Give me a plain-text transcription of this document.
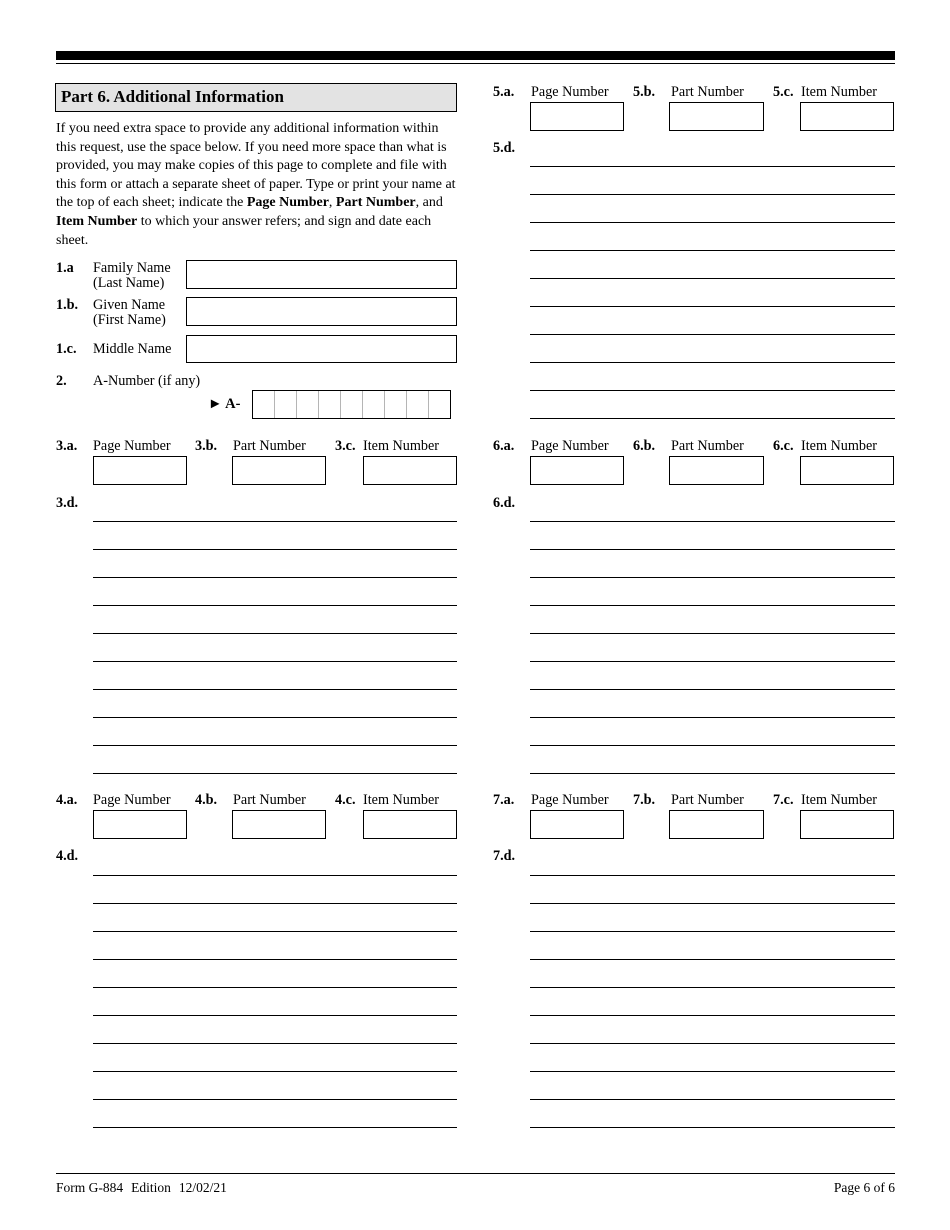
Part 6. Additional Information
If you need extra space to provide any additional information within this request, use the space below. If you need more space than what is provided, you may make copies of this page to complete and file with this form or attach a separate sheet of paper. Type or print your name at the top of each sheet; indicate the Page Number, Part Number, and Item Number to which your answer refers; and sign and date each sheet.
1.a Family Name
(Last Name)
1.b. Given Name
(First Name)
1.c. Middle Name
2. A-Number (if any)
► A-
3.a. Page Number 3.b. Part Number 3.c. Item Number
3.d.
4.a. Page Number 4.b. Part Number 4.c. Item Number
4.d.
5.a. Page Number 5.b. Part Number 5.c. Item Number
5.d.
6.a. Page Number 6.b. Part Number 6.c. Item Number
6.d.
7.a. Page Number 7.b. Part Number 7.c. Item Number
7.d.
Form G-884 Edition 12/02/21	Page 6 of 6
